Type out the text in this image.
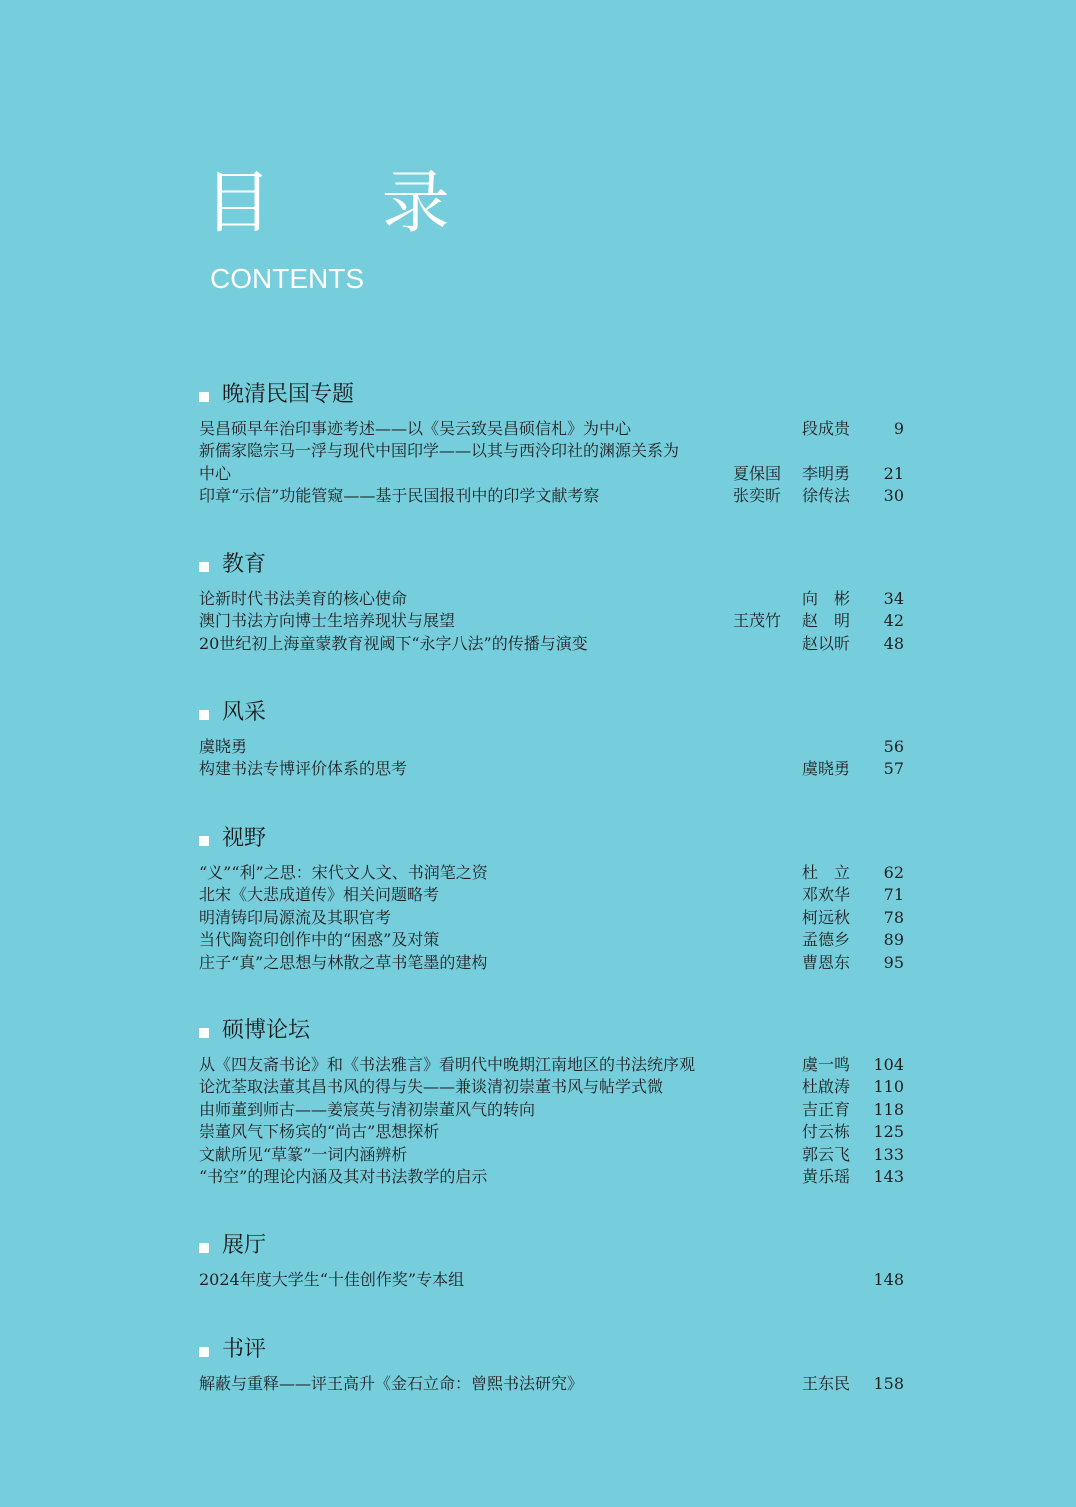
目 录
CONTENTS
晚清民国专题
吴昌硕早年治印事迹考述——以《吴云致吴昌硕信札》为中心	段成贵	9
新儒家隐宗马一浮与现代中国印学——以其与西泠印社的渊源关系为中心	夏保国	李明勇	21
印章“示信”功能管窥——基于民国报刊中的印学文献考察	张奕昕	徐传法	30
教育
论新时代书法美育的核心使命	向　彬	34
澳门书法方向博士生培养现状与展望	王茂竹	赵　明	42
20世纪初上海童蒙教育视阈下“永字八法”的传播与演变	赵以昕	48
风采
虞晓勇	56
构建书法专博评价体系的思考	虞晓勇	57
视野
“义”“利”之思：宋代文人文、书润笔之资	杜　立	62
北宋《大悲成道传》相关问题略考	邓欢华	71
明清铸印局源流及其职官考	柯远秋	78
当代陶瓷印创作中的“困惑”及对策	孟德乡	89
庄子“真”之思想与林散之草书笔墨的建构	曹恩东	95
硕博论坛
从《四友斋书论》和《书法雅言》看明代中晚期江南地区的书法统序观	虞一鸣	104
论沈荃取法董其昌书风的得与失——兼谈清初崇董书风与帖学式微	杜啟涛	110
由师董到师古——姜宸英与清初崇董风气的转向	吉正育	118
崇董风气下杨宾的“尚古”思想探析	付云栋	125
文献所见“草篆”一词内涵辨析	郭云飞	133
“书空”的理论内涵及其对书法教学的启示	黄乐瑶	143
展厅
2024年度大学生“十佳创作奖”专本组	148
书评
解蔽与重释——评王高升《金石立命：曾熙书法研究》	王东民	158
